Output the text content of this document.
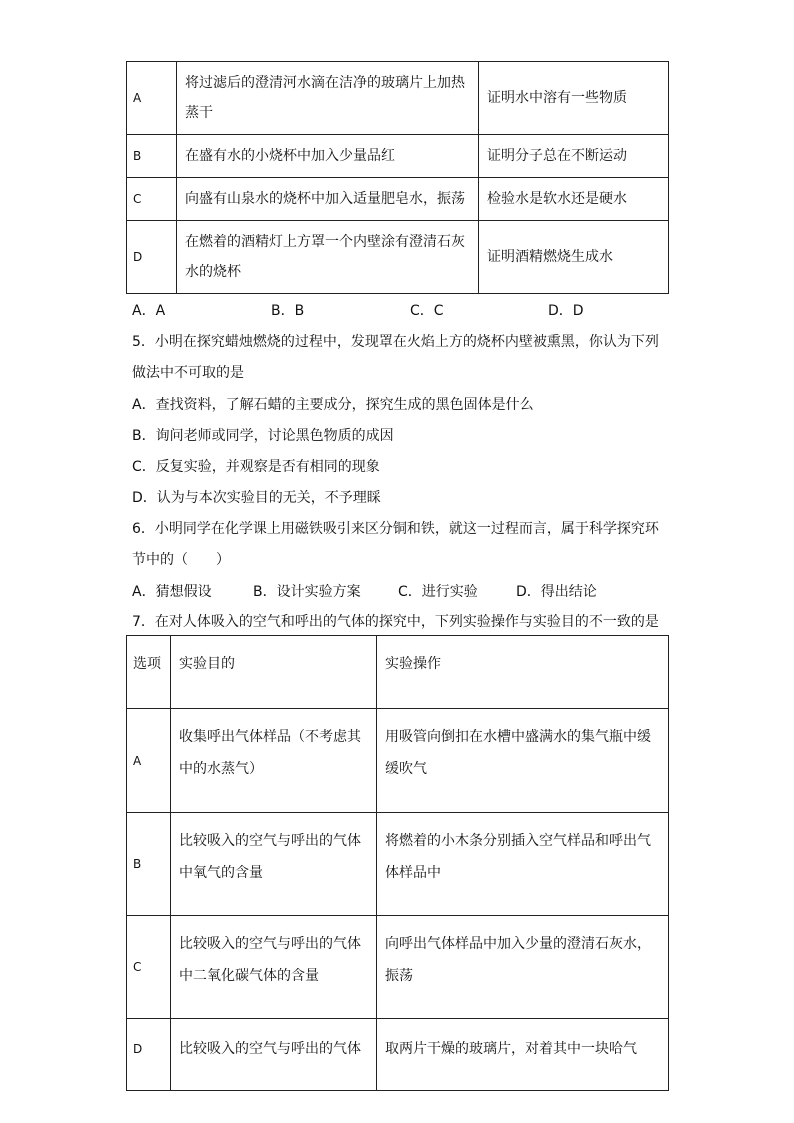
A	将过滤后的澄清河水滴在洁净的玻璃片上加热蒸干	证明水中溶有一些物质
B	在盛有水的小烧杯中加入少量品红	证明分子总在不断运动
C	向盛有山泉水的烧杯中加入适量肥皂水，振荡	检验水是软水还是硬水
D	在燃着的酒精灯上方罩一个内壁涂有澄清石灰水的烧杯	证明酒精燃烧生成水
A．A	B．B	C．C	D．D
5．小明在探究蜡烛燃烧的过程中，发现罩在火焰上方的烧杯内壁被熏黑，你认为下列
做法中不可取的是
A．查找资料，了解石蜡的主要成分，探究生成的黑色固体是什么
B．询问老师或同学，讨论黑色物质的成因
C．反复实验，并观察是否有相同的现象
D．认为与本次实验目的无关，不予理睬
6．小明同学在化学课上用磁铁吸引来区分铜和铁，就这一过程而言，属于科学探究环
节中的（　　）
A．猜想假设	B．设计实验方案	C．进行实验	D．得出结论
7．在对人体吸入的空气和呼出的气体的探究中，下列实验操作与实验目的不一致的是
选项	实验目的	实验操作
A	收集呼出气体样品（不考虑其中的水蒸气）	用吸管向倒扣在水槽中盛满水的集气瓶中缓缓吹气
B	比较吸入的空气与呼出的气体中氧气的含量	将燃着的小木条分别插入空气样品和呼出气体样品中
C	比较吸入的空气与呼出的气体中二氧化碳气体的含量	向呼出气体样品中加入少量的澄清石灰水，振荡
D	比较吸入的空气与呼出的气体	取两片干燥的玻璃片，对着其中一块哈气
